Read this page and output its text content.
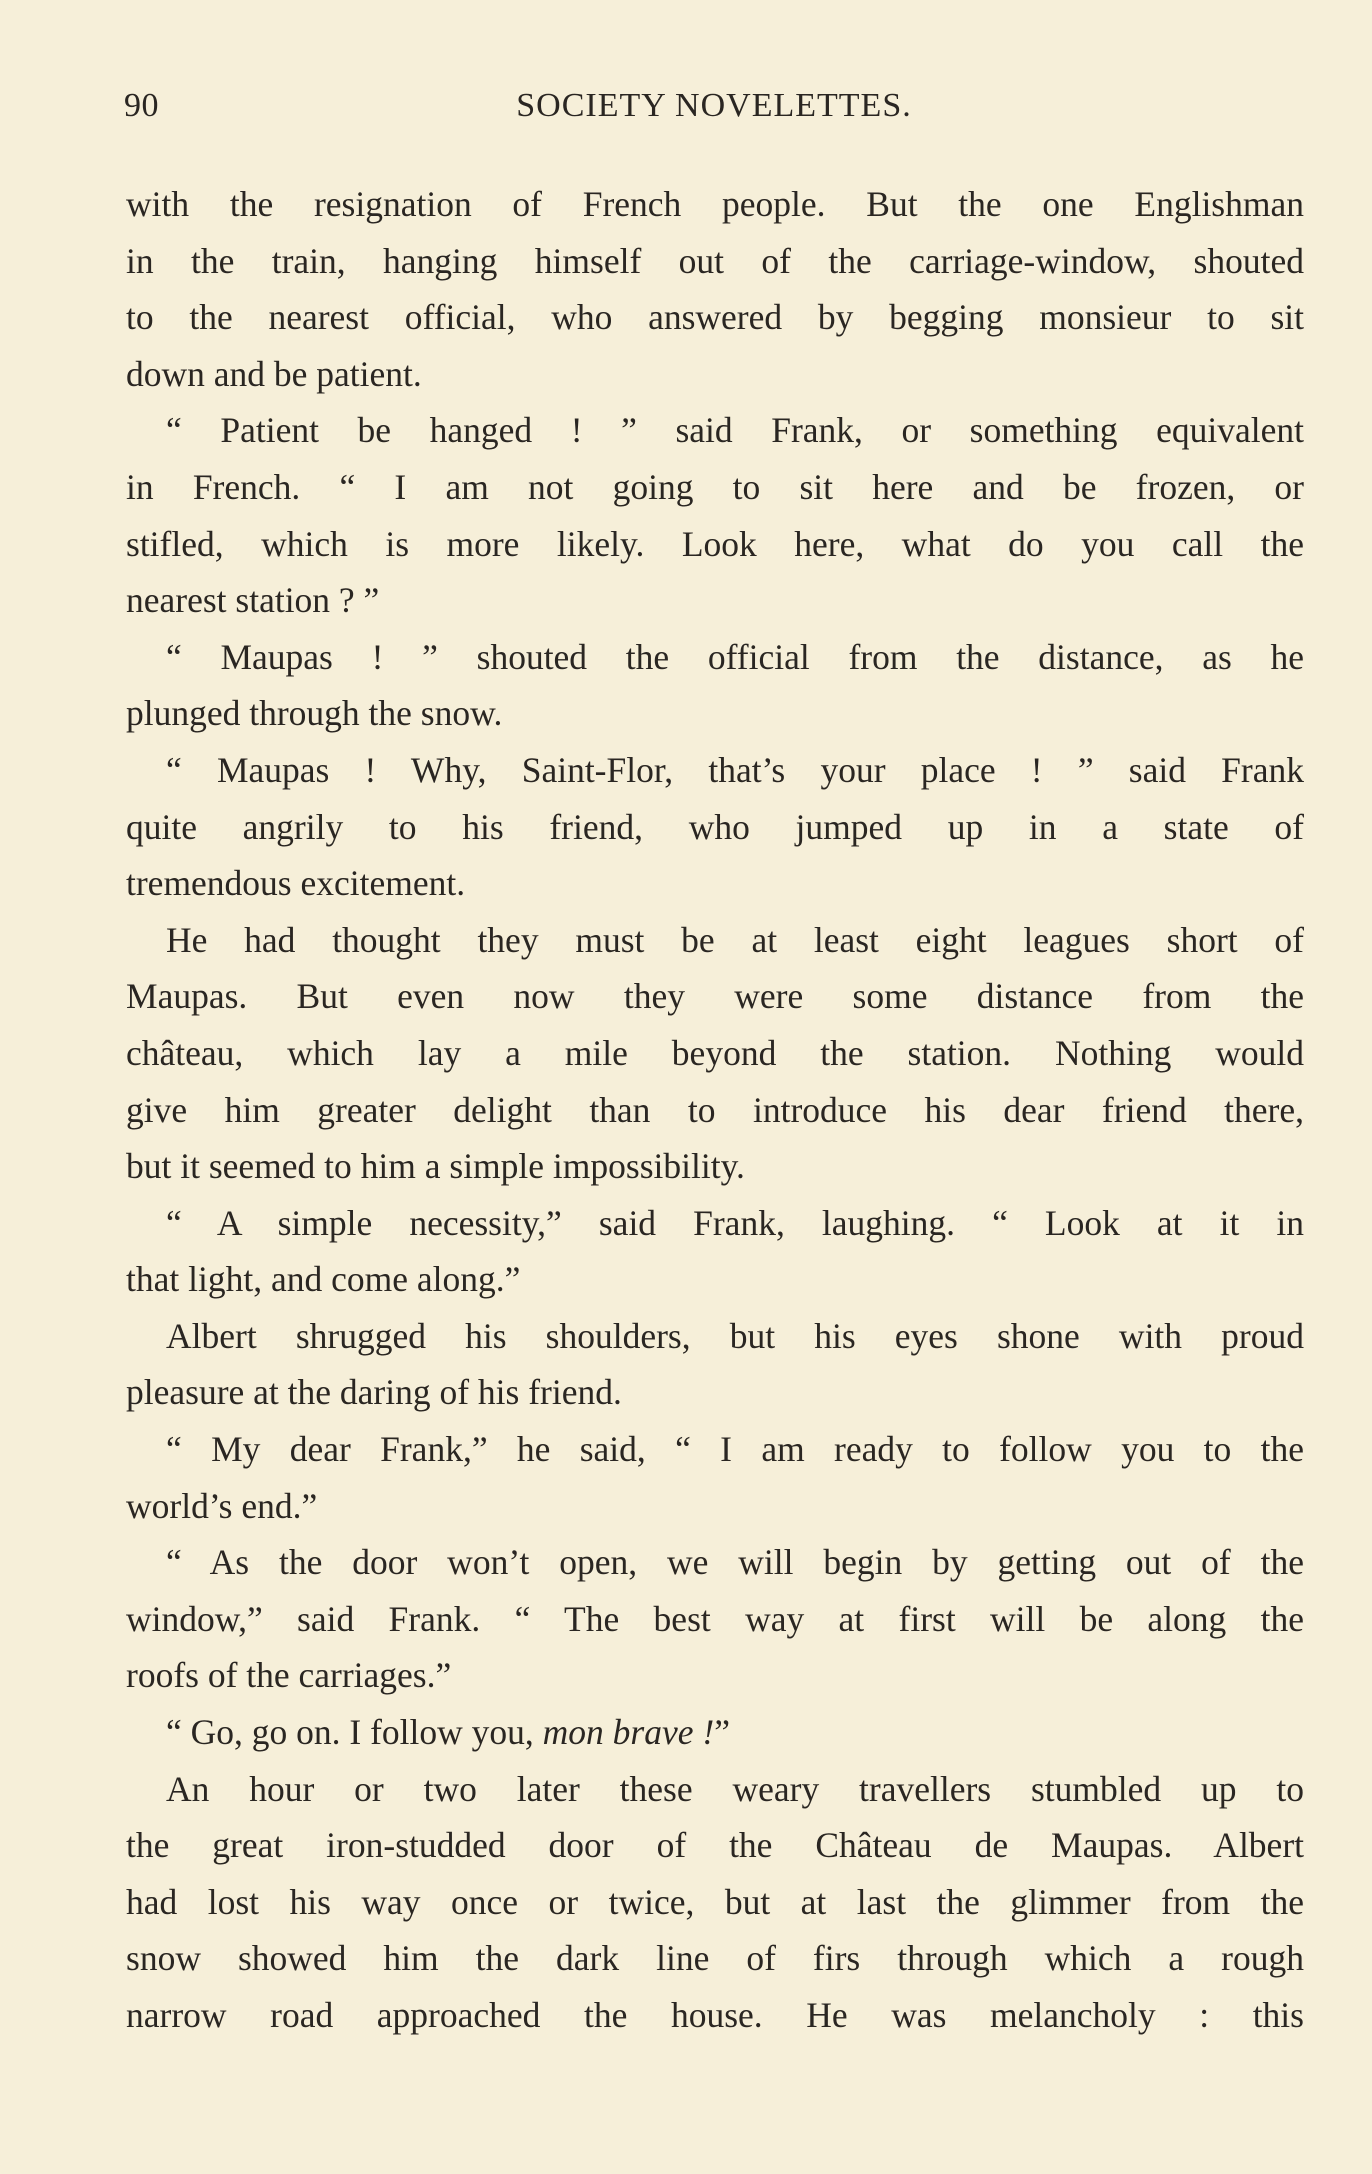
90	SOCIETY NOVELETTES.
with the resignation of French people. But the one Englishman
in the train, hanging himself out of the carriage-window, shouted
to the nearest official, who answered by begging monsieur to sit
down and be patient.
“ Patient be hanged ! ” said Frank, or something equivalent
in French. “ I am not going to sit here and be frozen, or
stifled, which is more likely. Look here, what do you call the
nearest station ? ”
“ Maupas ! ” shouted the official from the distance, as he
plunged through the snow.
“ Maupas ! Why, Saint-Flor, that’s your place ! ” said Frank
quite angrily to his friend, who jumped up in a state of
tremendous excitement.
He had thought they must be at least eight leagues short of
Maupas. But even now they were some distance from the
château, which lay a mile beyond the station. Nothing would
give him greater delight than to introduce his dear friend there,
but it seemed to him a simple impossibility.
“ A simple necessity,” said Frank, laughing. “ Look at it in
that light, and come along.”
Albert shrugged his shoulders, but his eyes shone with proud
pleasure at the daring of his friend.
“ My dear Frank,” he said, “ I am ready to follow you to the
world’s end.”
“ As the door won’t open, we will begin by getting out of the
window,” said Frank. “ The best way at first will be along the
roofs of the carriages.”
“ Go, go on. I follow you, mon brave !”
An hour or two later these weary travellers stumbled up to
the great iron-studded door of the Château de Maupas. Albert
had lost his way once or twice, but at last the glimmer from the
snow showed him the dark line of firs through which a rough
narrow road approached the house. He was melancholy : this
